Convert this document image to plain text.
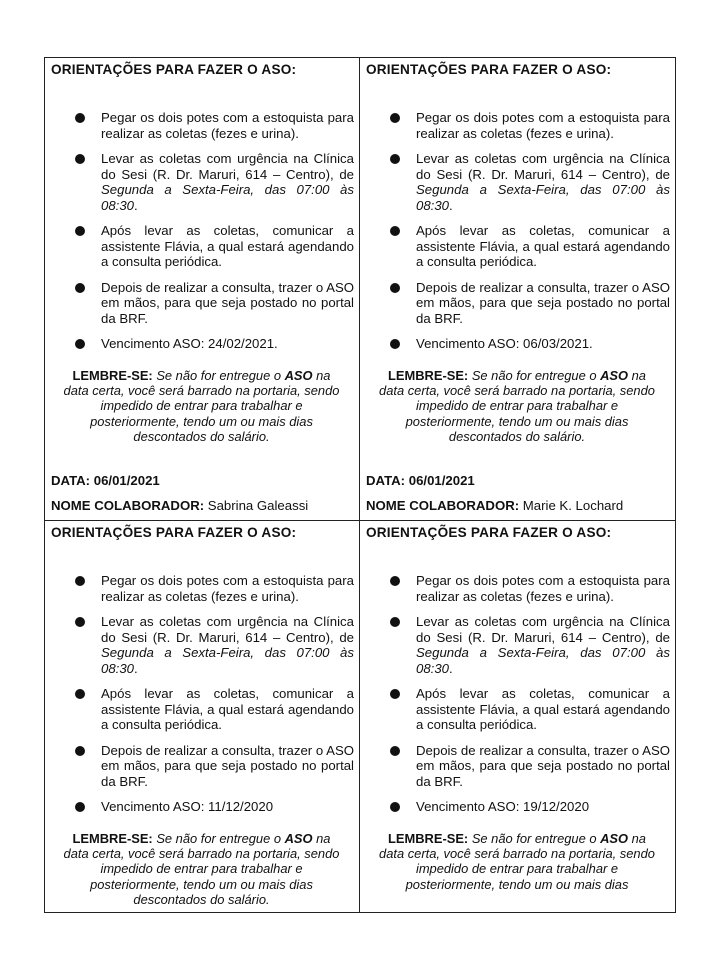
ORIENTAÇÕES PARA FAZER O ASO:

Pegar os dois potes com a estoquista para realizar as coletas (fezes e urina).
Levar as coletas com urgência na Clínica do Sesi (R. Dr. Maruri, 614 – Centro), de Segunda a Sexta-Feira, das 07:00 às 08:30.
Após levar as coletas, comunicar a assistente Flávia, a qual estará agendando a consulta periódica.
Depois de realizar a consulta, trazer o ASO em mãos, para que seja postado no portal da BRF.
Vencimento ASO: 24/02/2021.

LEMBRE-SE: Se não for entregue o ASO na data certa, você será barrado na portaria, sendo impedido de entrar para trabalhar e posteriormente, tendo um ou mais dias descontados do salário.

DATA: 06/01/2021

NOME COLABORADOR: Sabrina Galeassi

ORIENTAÇÕES PARA FAZER O ASO:

Pegar os dois potes com a estoquista para realizar as coletas (fezes e urina).
Levar as coletas com urgência na Clínica do Sesi (R. Dr. Maruri, 614 – Centro), de Segunda a Sexta-Feira, das 07:00 às 08:30.
Após levar as coletas, comunicar a assistente Flávia, a qual estará agendando a consulta periódica.
Depois de realizar a consulta, trazer o ASO em mãos, para que seja postado no portal da BRF.
Vencimento ASO: 06/03/2021.

LEMBRE-SE: Se não for entregue o ASO na data certa, você será barrado na portaria, sendo impedido de entrar para trabalhar e posteriormente, tendo um ou mais dias descontados do salário.

DATA: 06/01/2021

NOME COLABORADOR: Marie K. Lochard

ORIENTAÇÕES PARA FAZER O ASO:

Pegar os dois potes com a estoquista para realizar as coletas (fezes e urina).
Levar as coletas com urgência na Clínica do Sesi (R. Dr. Maruri, 614 – Centro), de Segunda a Sexta-Feira, das 07:00 às 08:30.
Após levar as coletas, comunicar a assistente Flávia, a qual estará agendando a consulta periódica.
Depois de realizar a consulta, trazer o ASO em mãos, para que seja postado no portal da BRF.
Vencimento ASO: 11/12/2020

LEMBRE-SE: Se não for entregue o ASO na data certa, você será barrado na portaria, sendo impedido de entrar para trabalhar e posteriormente, tendo um ou mais dias descontados do salário.

ORIENTAÇÕES PARA FAZER O ASO:

Pegar os dois potes com a estoquista para realizar as coletas (fezes e urina).
Levar as coletas com urgência na Clínica do Sesi (R. Dr. Maruri, 614 – Centro), de Segunda a Sexta-Feira, das 07:00 às 08:30.
Após levar as coletas, comunicar a assistente Flávia, a qual estará agendando a consulta periódica.
Depois de realizar a consulta, trazer o ASO em mãos, para que seja postado no portal da BRF.
Vencimento ASO: 19/12/2020

LEMBRE-SE: Se não for entregue o ASO na data certa, você será barrado na portaria, sendo impedido de entrar para trabalhar e posteriormente, tendo um ou mais dias
